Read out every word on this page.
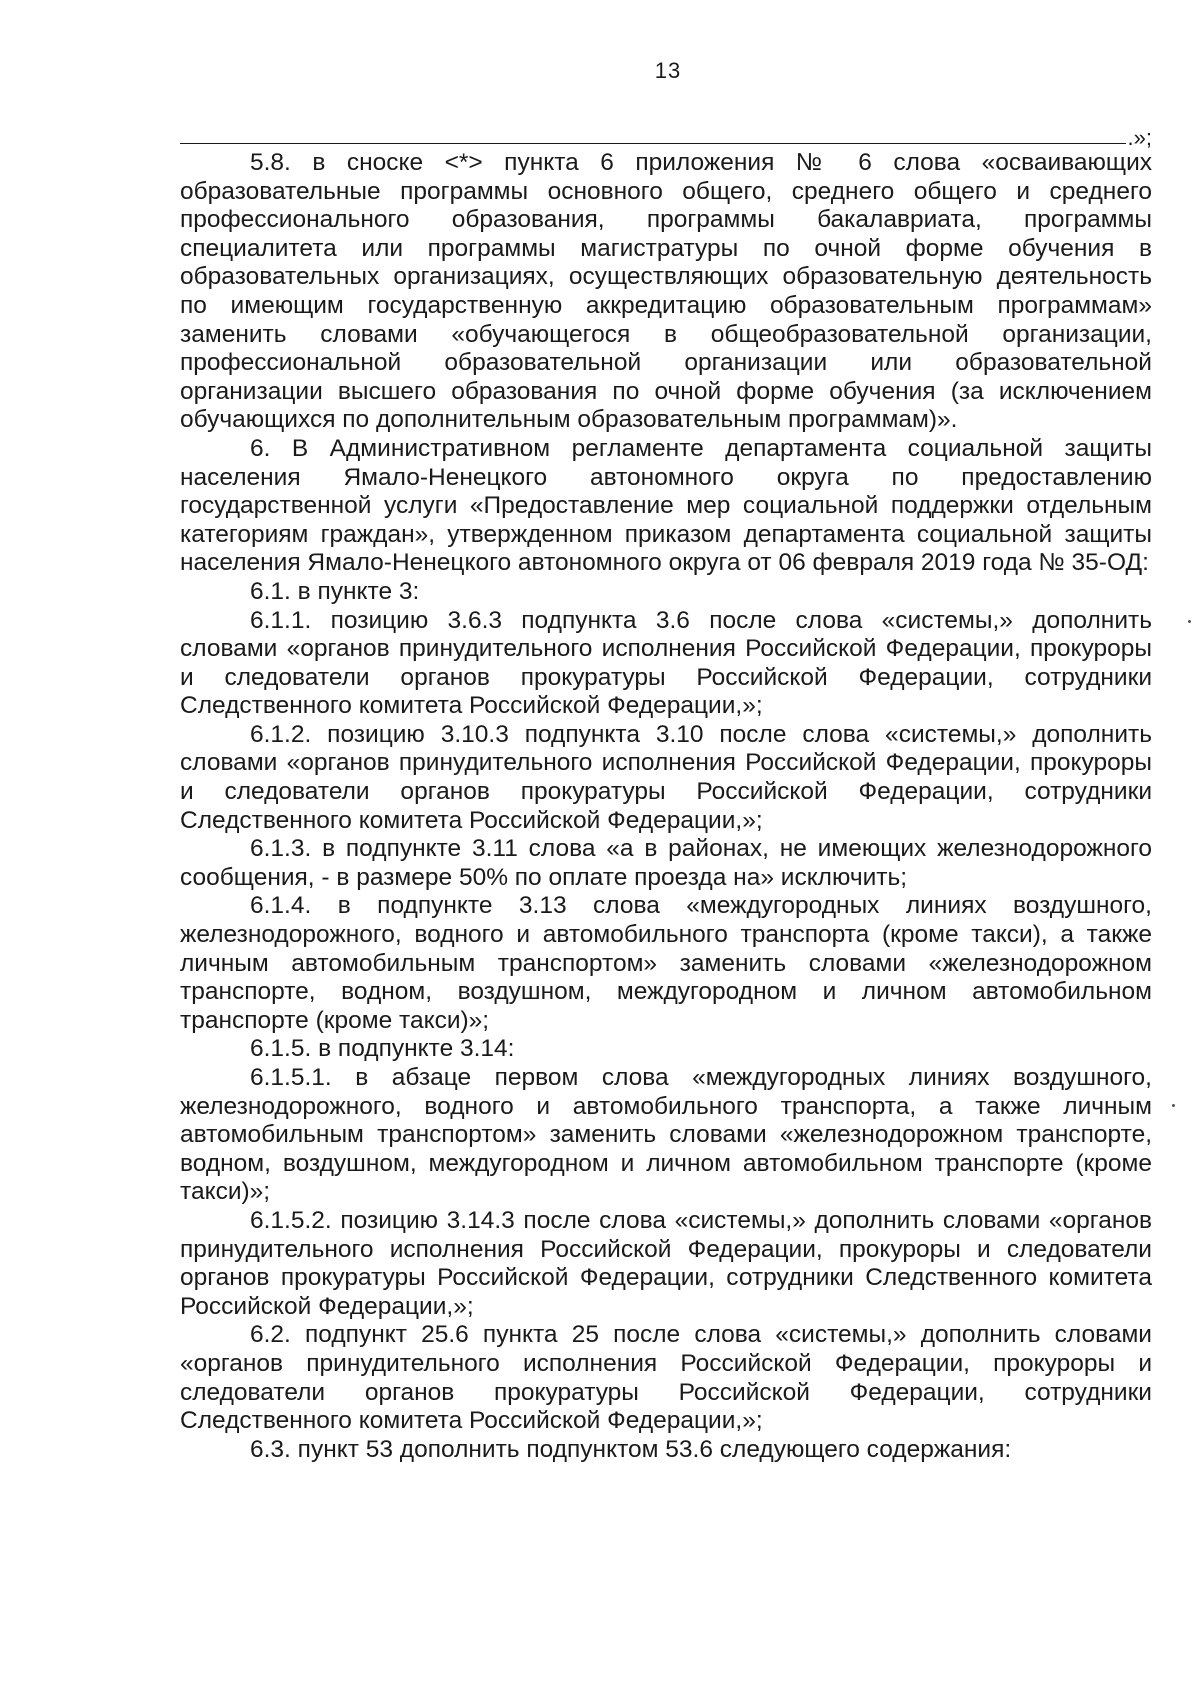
13
.»;

5.8. в сноске <*> пункта 6 приложения № 6 слова «осваивающих образовательные программы основного общего, среднего общего и среднего профессионального образования, программы бакалавриата, программы специалитета или программы магистратуры по очной форме обучения в образовательных организациях, осуществляющих образовательную деятельность по имеющим государственную аккредитацию образовательным программам» заменить словами «обучающегося в общеобразовательной организации, профессиональной образовательной организации или образовательной организации высшего образования по очной форме обучения (за исключением обучающихся по дополнительным образовательным программам)».

6. В Административном регламенте департамента социальной защиты населения Ямало-Ненецкого автономного округа по предоставлению государственной услуги «Предоставление мер социальной поддержки отдельным категориям граждан», утвержденном приказом департамента социальной защиты населения Ямало-Ненецкого автономного округа от 06 февраля 2019 года № 35-ОД:

6.1. в пункте 3:

6.1.1. позицию 3.6.3 подпункта 3.6 после слова «системы,» дополнить словами «органов принудительного исполнения Российской Федерации, прокуроры и следователи органов прокуратуры Российской Федерации, сотрудники Следственного комитета Российской Федерации,»;

6.1.2. позицию 3.10.3 подпункта 3.10 после слова «системы,» дополнить словами «органов принудительного исполнения Российской Федерации, прокуроры и следователи органов прокуратуры Российской Федерации, сотрудники Следственного комитета Российской Федерации,»;

6.1.3. в подпункте 3.11 слова «а в районах, не имеющих железнодорожного сообщения, - в размере 50% по оплате проезда на» исключить;

6.1.4. в подпункте 3.13 слова «междугородных линиях воздушного, железнодорожного, водного и автомобильного транспорта (кроме такси), а также личным автомобильным транспортом» заменить словами «железнодорожном транспорте, водном, воздушном, междугородном и личном автомобильном транспорте (кроме такси)»;

6.1.5. в подпункте 3.14:

6.1.5.1. в абзаце первом слова «междугородных линиях воздушного, железнодорожного, водного и автомобильного транспорта, а также личным автомобильным транспортом» заменить словами «железнодорожном транспорте, водном, воздушном, междугородном и личном автомобильном транспорте (кроме такси)»;

6.1.5.2. позицию 3.14.3 после слова «системы,» дополнить словами «органов принудительного исполнения Российской Федерации, прокуроры и следователи органов прокуратуры Российской Федерации, сотрудники Следственного комитета Российской Федерации,»;

6.2. подпункт 25.6 пункта 25 после слова «системы,» дополнить словами «органов принудительного исполнения Российской Федерации, прокуроры и следователи органов прокуратуры Российской Федерации, сотрудники Следственного комитета Российской Федерации,»;

6.3. пункт 53 дополнить подпунктом 53.6 следующего содержания:
